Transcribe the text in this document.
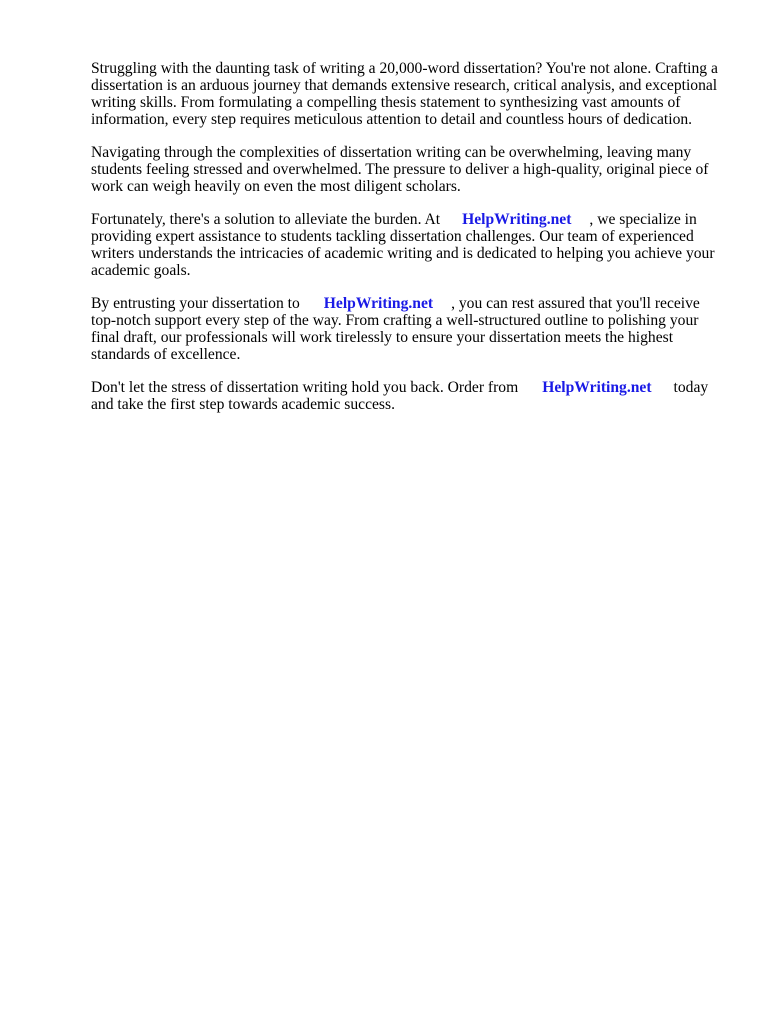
Struggling with the daunting task of writing a 20,000-word dissertation? You're not alone. Crafting a dissertation is an arduous journey that demands extensive research, critical analysis, and exceptional writing skills. From formulating a compelling thesis statement to synthesizing vast amounts of information, every step requires meticulous attention to detail and countless hours of dedication.

Navigating through the complexities of dissertation writing can be overwhelming, leaving many students feeling stressed and overwhelmed. The pressure to deliver a high-quality, original piece of work can weigh heavily on even the most diligent scholars.

Fortunately, there's a solution to alleviate the burden. At HelpWriting.net , we specialize in providing expert assistance to students tackling dissertation challenges. Our team of experienced writers understands the intricacies of academic writing and is dedicated to helping you achieve your academic goals.

By entrusting your dissertation to HelpWriting.net , you can rest assured that you'll receive top-notch support every step of the way. From crafting a well-structured outline to polishing your final draft, our professionals will work tirelessly to ensure your dissertation meets the highest standards of excellence.

Don't let the stress of dissertation writing hold you back. Order from HelpWriting.net today and take the first step towards academic success.
